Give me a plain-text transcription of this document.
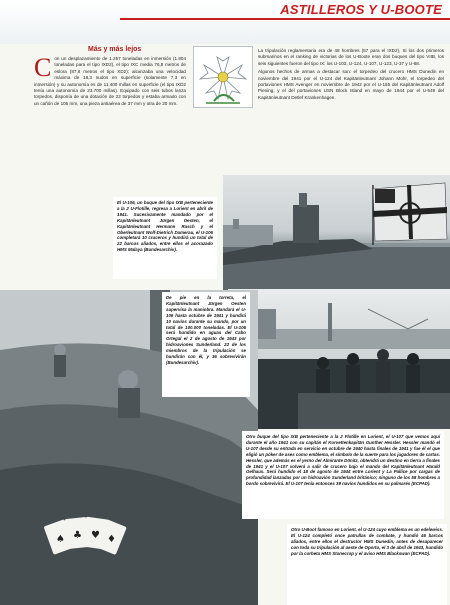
ASTILLEROS Y U-BOOTE
♠ ♣ ♥ ♦
Más y más lejos
C on un desplazamiento de 1.257 toneladas en inmersión (1.804 toneladas para el tipo IXD2), el tipo IXC media 76,8 metros de eslora (87,6 metros el tipo XD2); alcanzaba una velocidad máxima de 18,3 nudos en superficie (solamente 7,3 en inmersión) y su autonomía es de 11.400 millas en superficie (el tipo IXD2 tenía una autonomía de 23.700 millas). Equipado con seis tubos lanza torpedos, disponía de una dotación de 22 torpedos y estaba armado con un cañón de 105 mm, una pieza antiaérea de 37 mm y otra de 20 mm.

La tripulación reglamentaria era de 48 hombres (57 para el IXD2), Si los dos primeros submarinos en el ranking de victorias de los U-Boote eran dos buques del tipo VIIB, los seis siguientes fueron del tipo IX: los U-103, U-124, U-107, U-123, U-37 y U-68.

Algunos hechos de armas a destacar son: el torpedeo del crucero HMS Dunedin en noviembre del 1941 por el U-124 del Kapitänleutnant Johann Mohr, el torpedeo del portaviones HMS Avenger en noviembre de 1942 por el U-155 del Kapitänleutnant Adolf Piening, y el del portaviones USN Block Island en mayo de 1944 por el U-549 del Kapitänleutnant Detlef Krankenhagen.

El U-106, un buque del tipo IXB perteneciente a la 2 U-Flotille, regresa a Lorient en abril de 1941. Sucesivamente mandado por el Kapitänleutnant Jürgen Oesten, el Kapitänleutnant Hermann Rasch y el Oberleutnant Wolf-Dietrich Damerau, el U-106 completará 10 cruceros y hundirá un total de 22 barcos aliados, entre ellos el acorazado HMS Malaya (Bundesarchiv).
De pie en la torreta, el Kapitänleutnant Jürgen Oesten supervisa la maniobra. Mandará el U-106 hasta octubre de 1941 y hundirá 10 navíos durante su mando, por un total de 100.000 toneladas. El U-106 será hundido en aguas del Cabo Ortegal el 2 de agosto de 1943 por hidroaviones Sunderland. 22 de los miembros de la tripulación se hundirán con él, y 36 sobrevivirán (Bundesarchiv).
Otro buque del tipo IXB perteneciente a la 2 Flotille en Lorient, el U-107 que vemos aquí durante el año 1941 con su capitán el Korvettenkapitän Gunther Hessler. Hessler mandó el U-107 desde su entrada en servicio en octubre de 1940 hasta finales de 1941 y fue él el que eligió un póker de ases como emblema, el símbolo de la suerte para los jugadores de cartas. Hessler, que además es el yerno del Almirante Dönitz, obtendrá un destino en tierra a finales de 1941 y el U-107 volverá a salir de crucero bajo el mando del Kapitänleutnant Harald Gelhaus. Será hundido el 18 de agosto de 1944 entre Lorient y La Pallice por cargas de profundidad lanzadas por un hidroavión Sunderland británico; ninguno de los 58 hombres a bordo sobrevivirá. El U-107 tenía entonces 39 navíos hundidos en su palmarés (ECPAD).
Otro U-Boot famoso en Lorient, el U-124 cuyo emblema es un edelweiss. El U-124 completó once patrullas de combate, y hundió 46 barcos aliados, entre ellos el destructor HMS Dunedin, antes de desaparecer con toda su tripulación al oeste de Oporto, el 3 de abril de 1943, hundido por la corbeta HMS Stonecrop y el aviso HMS Blackswan (ECPAD).
